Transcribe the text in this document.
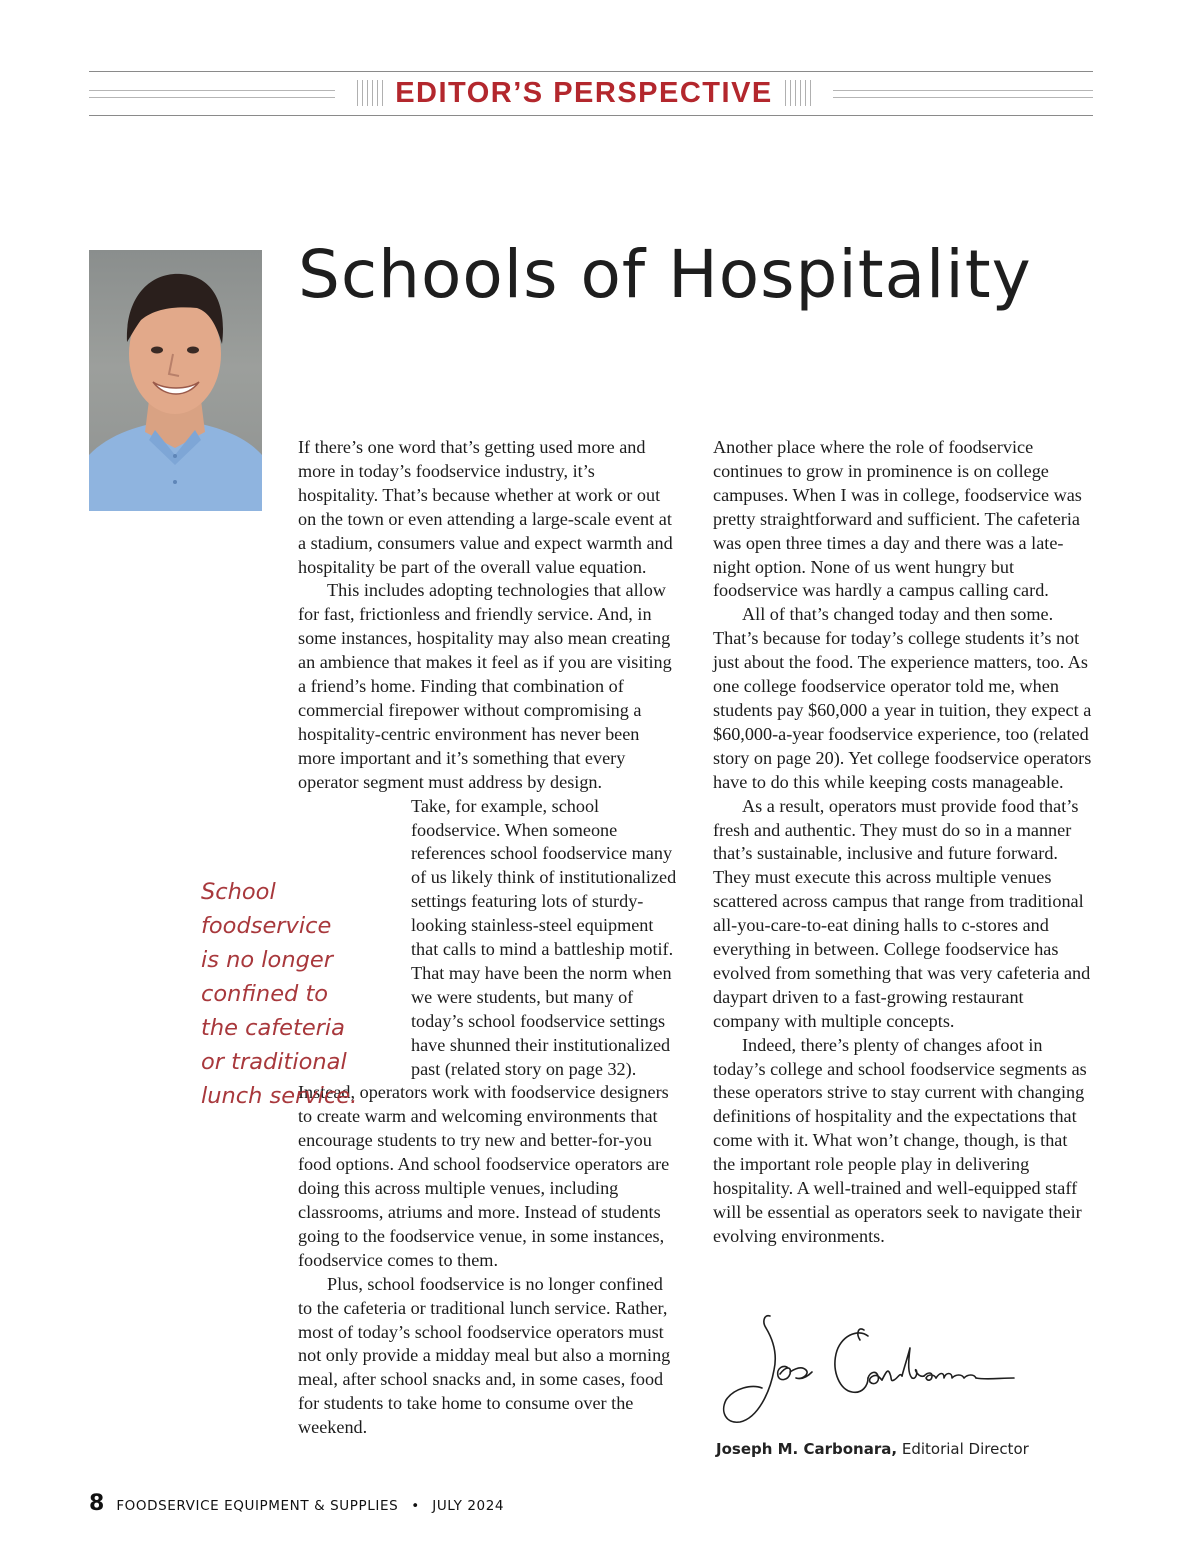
EDITOR’S PERSPECTIVE
Schools of Hospitality

If there’s one word that’s getting used more and more in today’s foodservice industry, it’s hospitality. That’s because whether at work or out on the town or even attending a large-scale event at a stadium, consumers value and expect warmth and hospitality be part of the overall value equation.

This includes adopting technologies that allow for fast, frictionless and friendly service. And, in some instances, hospitality may also mean creating an ambience that makes it feel as if you are visiting a friend’s home. Finding that combination of commercial firepower without compromising a hospitality-centric environment has never been more important and it’s something that every operator segment must address by design.

Take, for example, school foodservice. When someone references school foodservice many of us likely think of institutionalized settings featuring lots of sturdy-looking stainless-steel equipment that calls to mind a battleship motif. That may have been the norm when we were students, but many of today’s school foodservice settings have shunned their institutionalized past (related story on page 32). Instead, operators work with foodservice designers to create warm and welcoming environments that encourage students to try new and better-for-you food options. And school foodservice operators are doing this across multiple venues, including classrooms, atriums and more. Instead of students going to the foodservice venue, in some instances, foodservice comes to them.

Plus, school foodservice is no longer confined to the cafeteria or traditional lunch service. Rather, most of today’s school foodservice operators must not only provide a midday meal but also a morning meal, after school snacks and, in some cases, food for students to take home to consume over the weekend.

School
foodservice
is no longer
confined to
the cafeteria
or traditional
lunch service.

Another place where the role of foodservice continues to grow in prominence is on college campuses. When I was in college, foodservice was pretty straightforward and sufficient. The cafeteria was open three times a day and there was a late-night option. None of us went hungry but foodservice was hardly a campus calling card.

All of that’s changed today and then some. That’s because for today’s college students it’s not just about the food. The experience matters, too. As one college foodservice operator told me, when students pay $60,000 a year in tuition, they expect a $60,000-a-year foodservice experience, too (related story on page 20). Yet college foodservice operators have to do this while keeping costs manageable.

As a result, operators must provide food that’s fresh and authentic. They must do so in a manner that’s sustainable, inclusive and future forward. They must execute this across multiple venues scattered across campus that range from traditional all-you-care-to-eat dining halls to c-stores and everything in between. College foodservice has evolved from something that was very cafeteria and daypart driven to a fast-growing restaurant company with multiple concepts.

Indeed, there’s plenty of changes afoot in today’s college and school foodservice segments as these operators strive to stay current with changing definitions of hospitality and the expectations that come with it. What won’t change, though, is that the important role people play in delivering hospitality. A well-trained and well-equipped staff will be essential as operators seek to navigate their evolving environments.

Joseph M. Carbonara, Editorial Director
8 FOODSERVICE EQUIPMENT & SUPPLIES • JULY 2024
